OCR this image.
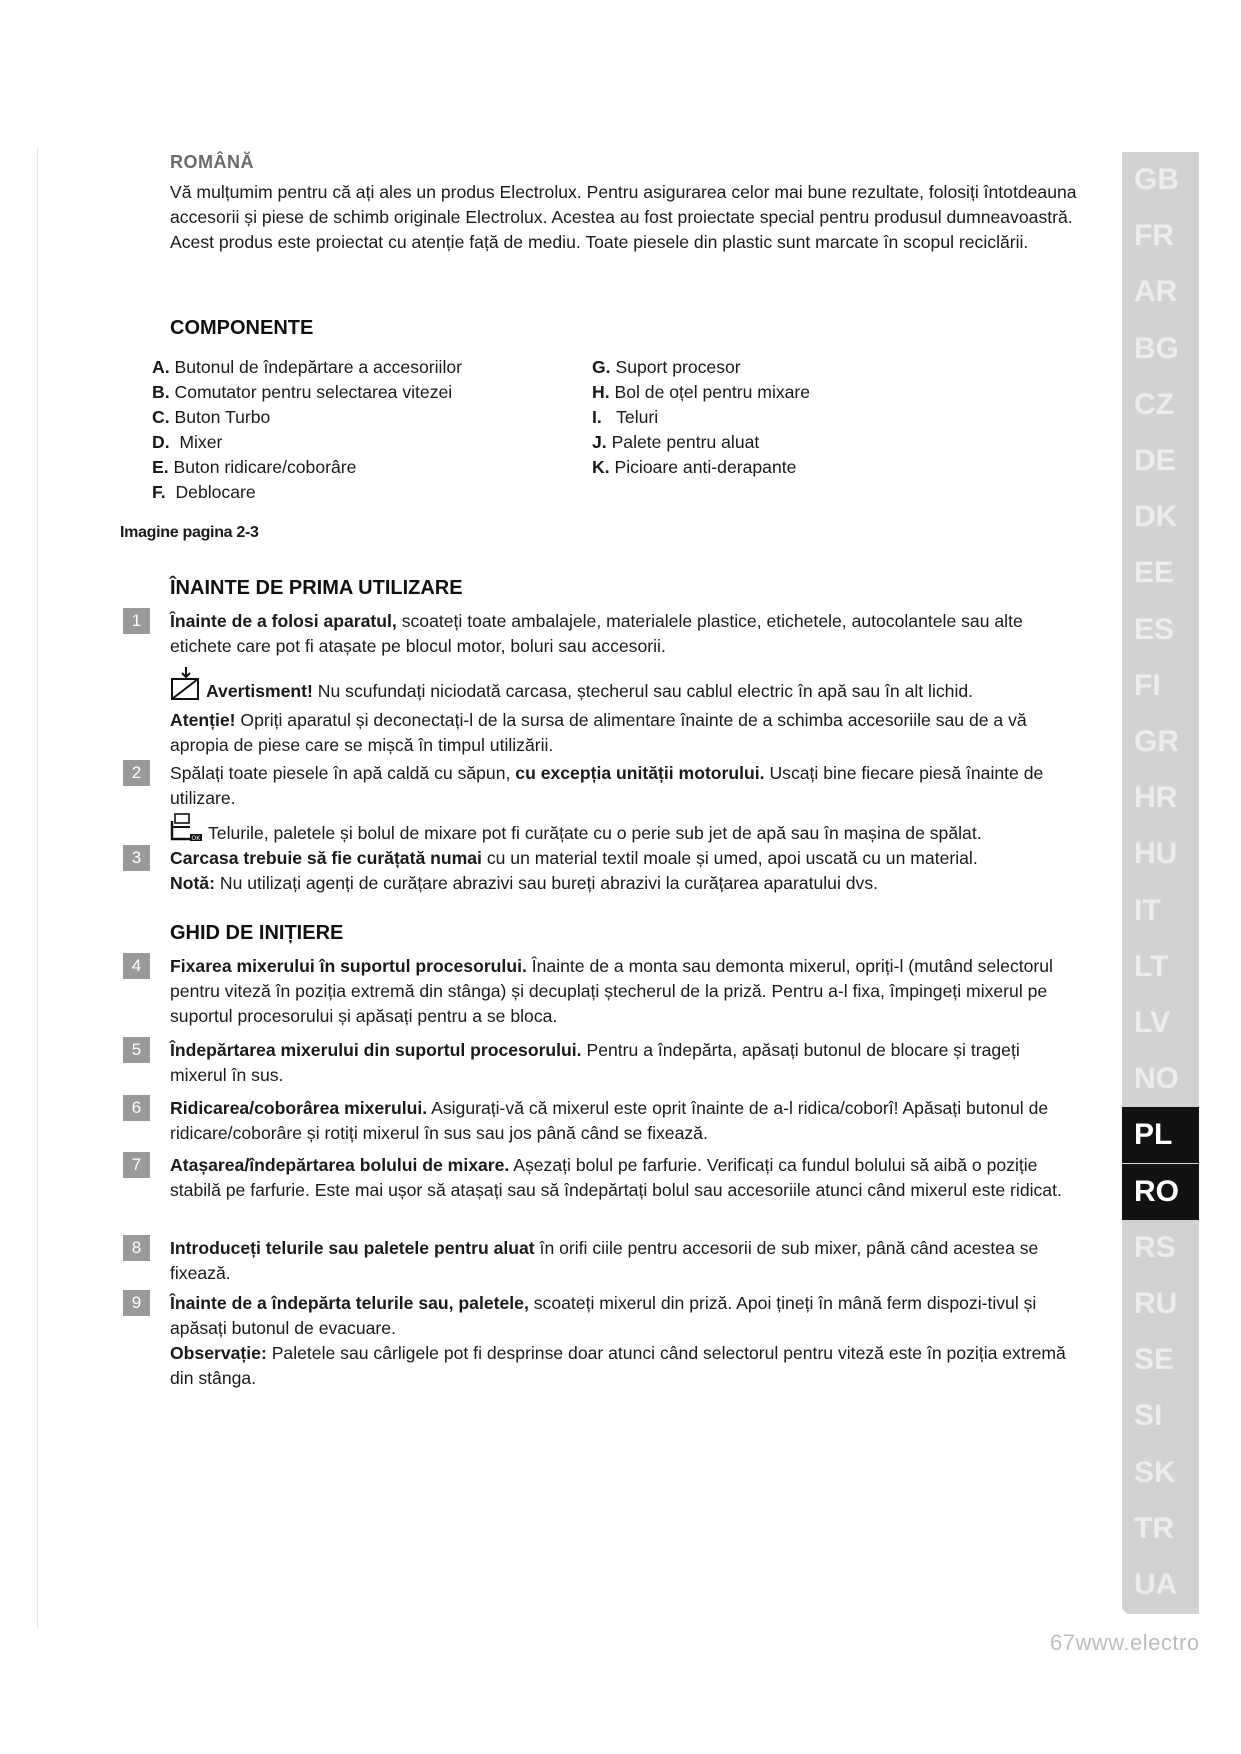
ROMÂNĂ
Vă mulțumim pentru că ați ales un produs Electrolux. Pentru asigurarea celor mai bune rezultate, folosiți întotdeauna accesorii și piese de schimb originale Electrolux. Acestea au fost proiectate special pentru produsul dumneavoastră. Acest produs este proiectat cu atenție față de mediu. Toate piesele din plastic sunt marcate în scopul reciclării.
COMPONENTE
A. Butonul de îndepărtare a accesoriilor
B. Comutator pentru selectarea vitezei
C. Buton Turbo
D.  Mixer
E. Buton ridicare/coborâre
F.  Deblocare
G. Suport procesor
H. Bol de oțel pentru mixare
I.   Teluri
J. Palete pentru aluat
K. Picioare anti-derapante
Imagine pagina 2-3
ÎNAINTE DE PRIMA UTILIZARE
1	Înainte de a folosi aparatul, scoateți toate ambalajele, materialele plastice, etichetele, autocolantele sau alte etichete care pot fi atașate pe blocul motor, boluri sau accesorii.
Avertisment! Nu scufundați niciodată carcasa, ștecherul sau cablul electric în apă sau în alt lichid.
Atenție! Opriți aparatul și deconectați-l de la sursa de alimentare înainte de a schimba accesoriile sau de a vă apropia de piese care se mișcă în timpul utilizării.
2	Spălați toate piesele în apă caldă cu săpun, cu excepția unității motorului. Uscați bine fiecare piesă înainte de utilizare.
OK Telurile, paletele și bolul de mixare pot fi curățate cu o perie sub jet de apă sau în mașina de spălat.
3	Carcasa trebuie să fie curățată numai cu un material textil moale și umed, apoi uscată cu un material.
Notă: Nu utilizați agenți de curățare abrazivi sau bureți abrazivi la curățarea aparatului dvs.
GHID DE INIȚIERE
4	Fixarea mixerului în suportul procesorului. Înainte de a monta sau demonta mixerul, opriți-l (mutând selectorul pentru viteză în poziția extremă din stânga) și decuplați ștecherul de la priză. Pentru a-l fixa, împingeți mixerul pe suportul procesorului și apăsați pentru a se bloca.
5	Îndepărtarea mixerului din suportul procesorului. Pentru a îndepărta, apăsați butonul de blocare și trageți mixerul în sus.
6	Ridicarea/coborârea mixerului. Asigurați-vă că mixerul este oprit înainte de a-l ridica/coborî! Apăsați butonul de ridicare/coborâre și rotiți mixerul în sus sau jos până când se fixează.
7	Atașarea/îndepărtarea bolului de mixare. Așezați bolul pe farfurie. Verificați ca fundul bolului să aibă o poziție stabilă pe farfurie. Este mai ușor să atașați sau să îndepărtați bolul sau accesoriile atunci când mixerul este ridicat.
8	Introduceți telurile sau paletele pentru aluat în orifi ciile pentru accesorii de sub mixer, până când acestea se fixează.
9	Înainte de a îndepărta telurile sau, paletele, scoateți mixerul din priză. Apoi țineți în mână ferm dispozi-tivul și apăsați butonul de evacuare.
Observație: Paletele sau cârligele pot fi desprinse doar atunci când selectorul pentru viteză este în poziția extremă din stânga.
GB
FR
AR
BG
CZ
DE
DK
EE
ES
FI
GR
HR
HU
IT
LT
LV
NO
PL
RO
RS
RU
SE
SI
SK
TR
UA
67www.electro
